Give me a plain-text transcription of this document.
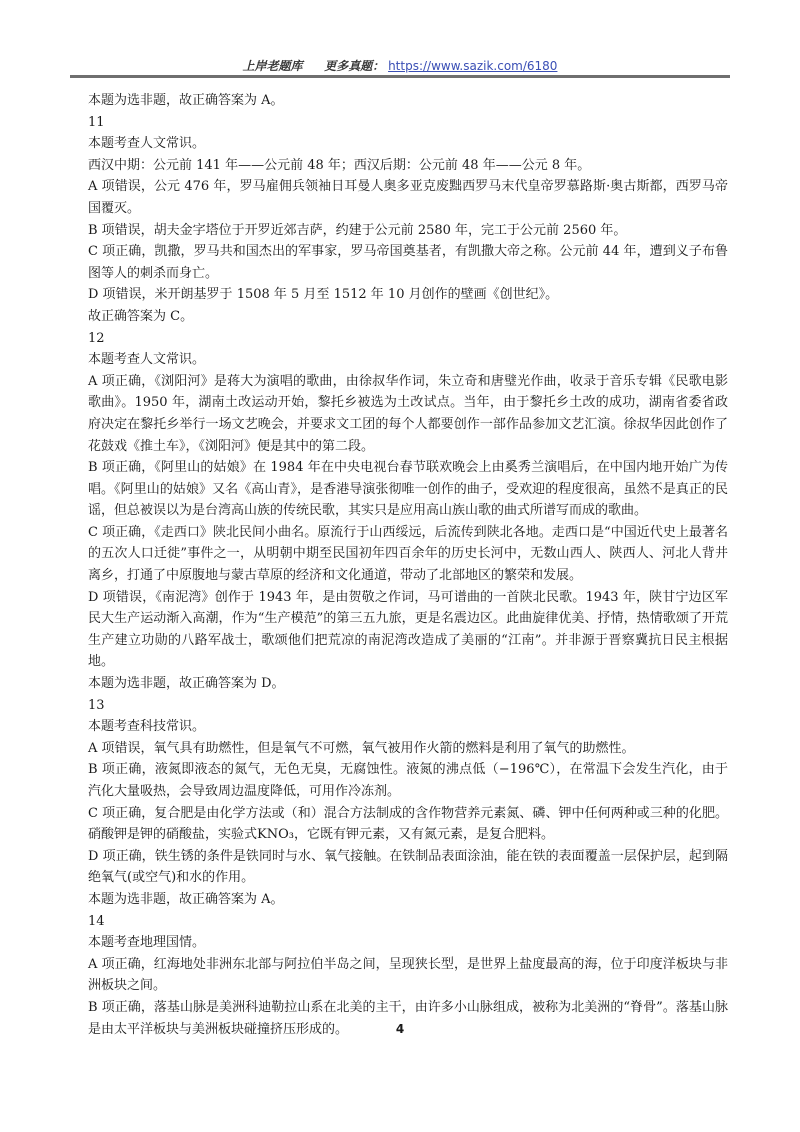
上岸老题库 更多真题： https://www.sazik.com/6180
本题为选非题，故正确答案为 A。
11
本题考查人文常识。
西汉中期：公元前 141 年——公元前 48 年；西汉后期：公元前 48 年——公元 8 年。
A 项错误，公元 476 年，罗马雇佣兵领袖日耳曼人奥多亚克废黜西罗马末代皇帝罗慕路斯·奥古斯都，西罗马帝国覆灭。
B 项错误，胡夫金字塔位于开罗近郊吉萨，约建于公元前 2580 年，完工于公元前 2560 年。
C 项正确，凯撒，罗马共和国杰出的军事家，罗马帝国奠基者，有凯撒大帝之称。公元前 44 年，遭到义子布鲁图等人的刺杀而身亡。
D 项错误，米开朗基罗于 1508 年 5 月至 1512 年 10 月创作的壁画《创世纪》。
故正确答案为 C。
12
本题考查人文常识。
A 项正确，《浏阳河》是蒋大为演唱的歌曲，由徐叔华作词，朱立奇和唐璧光作曲，收录于音乐专辑《民歌电影歌曲》。1950 年，湖南土改运动开始，黎托乡被选为土改试点。当年，由于黎托乡土改的成功，湖南省委省政府决定在黎托乡举行一场文艺晚会，并要求文工团的每个人都要创作一部作品参加文艺汇演。徐叔华因此创作了花鼓戏《推土车》，《浏阳河》便是其中的第二段。
B 项正确，《阿里山的姑娘》在 1984 年在中央电视台春节联欢晚会上由奚秀兰演唱后，在中国内地开始广为传唱。《阿里山的姑娘》又名《高山青》，是香港导演张彻唯一创作的曲子，受欢迎的程度很高，虽然不是真正的民谣，但总被误以为是台湾高山族的传统民歌，其实只是应用高山族山歌的曲式所谱写而成的歌曲。
C 项正确，《走西口》陕北民间小曲名。原流行于山西绥远，后流传到陕北各地。走西口是“中国近代史上最著名的五次人口迁徙”事件之一，从明朝中期至民国初年四百余年的历史长河中，无数山西人、陕西人、河北人背井离乡，打通了中原腹地与蒙古草原的经济和文化通道，带动了北部地区的繁荣和发展。
D 项错误，《南泥湾》创作于 1943 年，是由贺敬之作词，马可谱曲的一首陕北民歌。1943 年，陕甘宁边区军民大生产运动渐入高潮，作为“生产模范”的第三五九旅，更是名震边区。此曲旋律优美、抒情，热情歌颂了开荒生产建立功勋的八路军战士，歌颂他们把荒凉的南泥湾改造成了美丽的“江南”。并非源于晋察冀抗日民主根据地。
本题为选非题，故正确答案为 D。
13
本题考查科技常识。
A 项错误，氧气具有助燃性，但是氧气不可燃，氧气被用作火箭的燃料是利用了氧气的助燃性。
B 项正确，液氮即液态的氮气，无色无臭，无腐蚀性。液氮的沸点低（−196℃），在常温下会发生汽化，由于汽化大量吸热，会导致周边温度降低，可用作冷冻剂。
C 项正确，复合肥是由化学方法或（和）混合方法制成的含作物营养元素氮、磷、钾中任何两种或三种的化肥。硝酸钾是钾的硝酸盐，实验式KNO₃，它既有钾元素，又有氮元素，是复合肥料。
D 项正确，铁生锈的条件是铁同时与水、氧气接触。在铁制品表面涂油，能在铁的表面覆盖一层保护层，起到隔绝氧气(或空气)和水的作用。
本题为选非题，故正确答案为 A。
14
本题考查地理国情。
A 项正确，红海地处非洲东北部与阿拉伯半岛之间，呈现狭长型，是世界上盐度最高的海，位于印度洋板块与非洲板块之间。
B 项正确，落基山脉是美洲科迪勒拉山系在北美的主干，由许多小山脉组成，被称为北美洲的“脊骨”。落基山脉是由太平洋板块与美洲板块碰撞挤压形成的。	4
